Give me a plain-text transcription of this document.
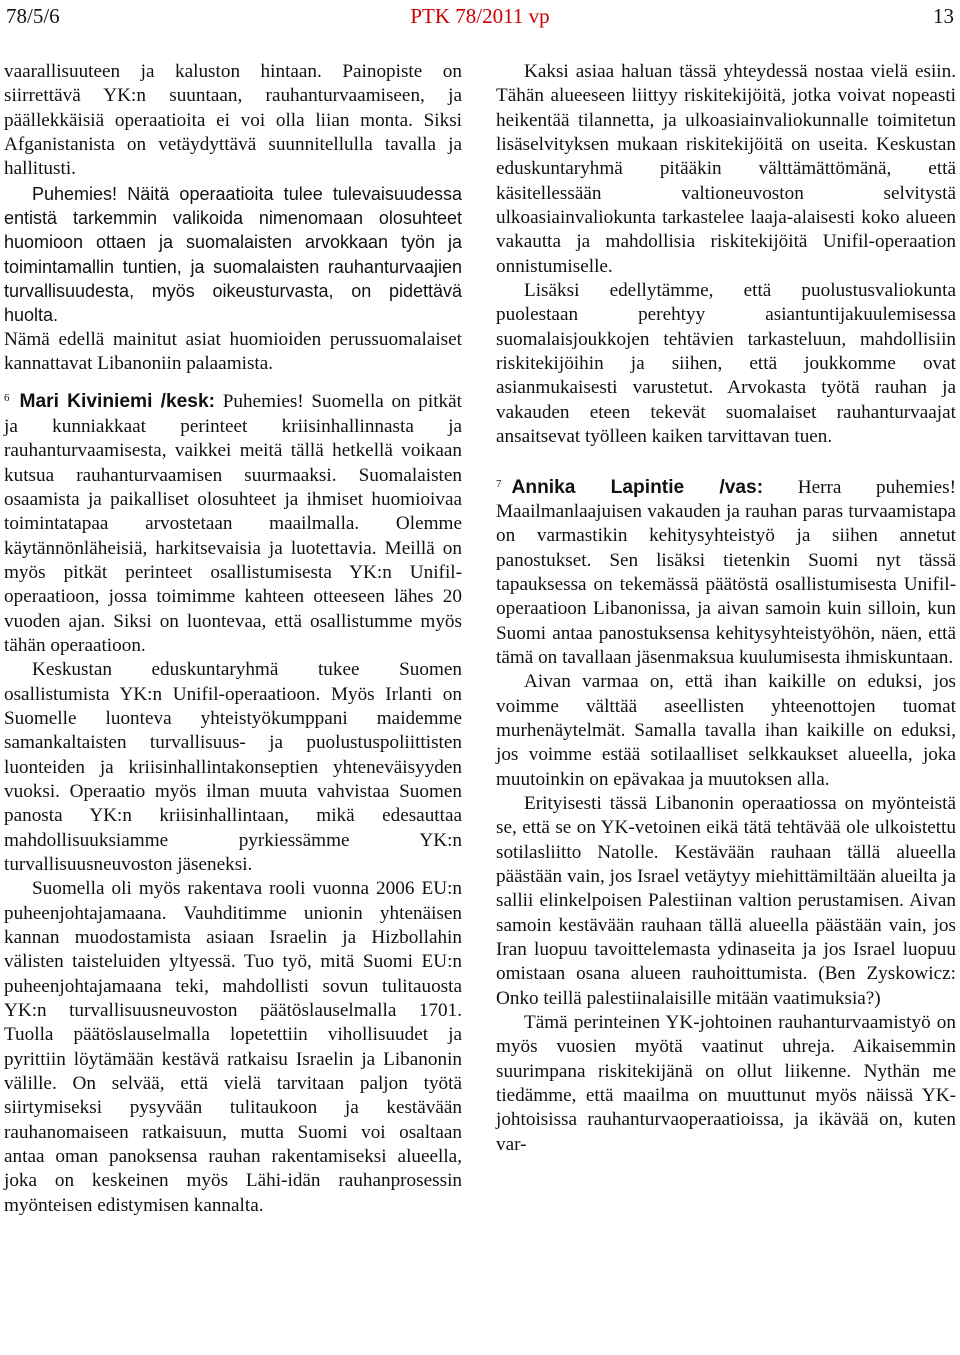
78/5/6	PTK 78/2011 vp	13

vaarallisuuteen ja kaluston hintaan. Painopiste on siirrettävä YK:n suuntaan, rauhanturvaamiseen, ja päällekkäisiä operaatioita ei voi olla liian monta. Siksi Afganistanista on vetäydyttävä suunnitellulla tavalla ja hallitusti.

Puhemies! Näitä operaatioita tulee tulevaisuudessa entistä tarkemmin valikoida nimenomaan olosuhteet huomioon ottaen ja suomalaisten arvokkaan työn ja toimintamallin tuntien, ja suomalaisten rauhanturvaajien turvallisuudesta, myös oikeusturvasta, on pidettävä huolta.

Nämä edellä mainitut asiat huomioiden perussuomalaiset kannattavat Libanoniin palaamista.

$^6$ Mari Kiviniemi /kesk: Puhemies! Suomella on pitkät ja kunniakkaat perinteet kriisinhallinnasta ja rauhanturvaamisesta, vaikkei meitä tällä hetkellä voikaan kutsua rauhanturvaamisen suurmaaksi. Suomalaisten osaamista ja paikalliset olosuhteet ja ihmiset huomioivaa toimintatapaa arvostetaan maailmalla. Olemme käytännönläheisiä, harkitsevaisia ja luotettavia. Meillä on myös pitkät perinteet osallistumisesta YK:n Unifil-operaatioon, jossa toimimme kahteen otteeseen lähes 20 vuoden ajan. Siksi on luontevaa, että osallistumme myös tähän operaatioon.

Keskustan eduskuntaryhmä tukee Suomen osallistumista YK:n Unifil-operaatioon. Myös Irlanti on Suomelle luonteva yhteistyökumppani maidemme samankaltaisten turvallisuus- ja puolustuspoliittisten luonteiden ja kriisinhallintakonseptien yhteneväisyyden vuoksi. Operaatio myös ilman muuta vahvistaa Suomen panosta YK:n kriisinhallintaan, mikä edesauttaa mahdollisuuksiamme pyrkiessämme YK:n turvallisuusneuvoston jäseneksi.

Suomella oli myös rakentava rooli vuonna 2006 EU:n puheenjohtajamaana. Vauhditimme unionin yhtenäisen kannan muodostamista asiaan Israelin ja Hizbollahin välisten taisteluiden yltyessä. Tuo työ, mitä Suomi EU:n puheenjohtajamaana teki, mahdollisti sovun tulitauosta YK:n turvallisuusneuvoston päätöslauselmalla 1701. Tuolla päätöslauselmalla lopetettiin vihollisuudet ja pyrittiin löytämään kestävä ratkaisu Israelin ja Libanonin välille. On selvää, että vielä tarvitaan paljon työtä siirtymiseksi pysyvään tulitaukoon ja kestävään rauhanomaiseen ratkaisuun, mutta Suomi voi osaltaan antaa oman panoksensa rauhan rakentamiseksi alueella, joka on keskeinen myös Lähi-idän rauhanprosessin myönteisen edistymisen kannalta.

Kaksi asiaa haluan tässä yhteydessä nostaa vielä esiin. Tähän alueeseen liittyy riskitekijöitä, jotka voivat nopeasti heikentää tilannetta, ja ulkoasiainvaliokunnalle toimitetun lisäselvityksen mukaan riskitekijöitä on useita. Keskustan eduskuntaryhmä pitääkin välttämättömänä, että käsitellessään valtioneuvoston selvitystä ulkoasiainvaliokunta tarkastelee laaja-alaisesti koko alueen vakautta ja mahdollisia riskitekijöitä Unifil-operaation onnistumiselle.

Lisäksi edellytämme, että puolustusvaliokunta puolestaan perehtyy asiantuntijakuulemisessa suomalaisjoukkojen tehtävien tarkasteluun, mahdollisiin riskitekijöihin ja siihen, että joukkomme ovat asianmukaisesti varustetut. Arvokasta työtä rauhan ja vakauden eteen tekevät suomalaiset rauhanturvaajat ansaitsevat työlleen kaiken tarvittavan tuen.

$^7$ Annika Lapintie /vas: Herra puhemies! Maailmanlaajuisen vakauden ja rauhan paras turvaamistapa on varmastikin kehitysyhteistyö ja siihen annetut panostukset. Sen lisäksi tietenkin Suomi nyt tässä tapauksessa on tekemässä päätöstä osallistumisesta Unifil-operaatioon Libanonissa, ja aivan samoin kuin silloin, kun Suomi antaa panostuksensa kehitysyhteistyöhön, näen, että tämä on tavallaan jäsenmaksua kuulumisesta ihmiskuntaan.

Aivan varmaa on, että ihan kaikille on eduksi, jos voimme välttää aseellisten yhteenottojen tuomat murhenäytelmät. Samalla tavalla ihan kaikille on eduksi, jos voimme estää sotilaalliset selkkaukset alueella, joka muutoinkin on epävakaa ja muutoksen alla.

Erityisesti tässä Libanonin operaatiossa on myönteistä se, että se on YK-vetoinen eikä tätä tehtävää ole ulkoistettu sotilasliitto Natolle. Kestävään rauhaan tällä alueella päästään vain, jos Israel vetäytyy miehittämiltään alueilta ja sallii elinkelpoisen Palestiinan valtion perustamisen. Aivan samoin kestävään rauhaan tällä alueella päästään vain, jos Iran luopuu tavoittelemasta ydinaseita ja jos Israel luopuu omistaan osana alueen rauhoittumista. (Ben Zyskowicz: Onko teillä palestiinalaisille mitään vaatimuksia?)

Tämä perinteinen YK-johtoinen rauhanturvaamistyö on myös vuosien myötä vaatinut uhreja. Aikaisemmin suurimpana riskitekijänä on ollut liikenne. Nythän me tiedämme, että maailma on muuttunut myös näissä YK-johtoisissa rauhanturvaoperaatioissa, ja ikävää on, kuten var-
